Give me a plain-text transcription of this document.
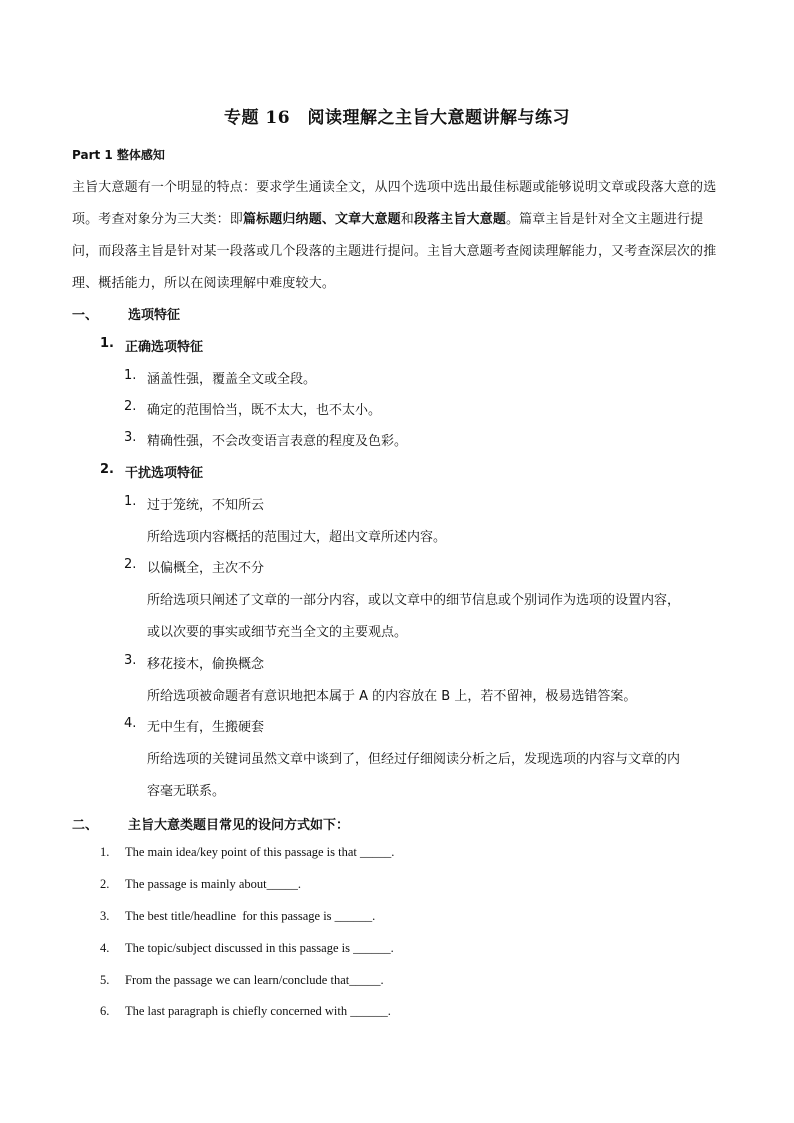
专题 16　阅读理解之主旨大意题讲解与练习
Part 1 整体感知
主旨大意题有一个明显的特点：要求学生通读全文，从四个选项中选出最佳标题或能够说明文章或段落大意的选项。考查对象分为三大类：即篇标题归纳题、文章大意题和段落主旨大意题。篇章主旨是针对全文主题进行提问，而段落主旨是针对某一段落或几个段落的主题进行提问。主旨大意题考查阅读理解能力，又考查深层次的推理、概括能力，所以在阅读理解中难度较大。
一、 选项特征
1. 正确选项特征
1. 涵盖性强，覆盖全文或全段。
2. 确定的范围恰当，既不太大，也不太小。
3. 精确性强，不会改变语言表意的程度及色彩。
2. 干扰选项特征
1. 过于笼统，不知所云
所给选项内容概括的范围过大，超出文章所述内容。
2. 以偏概全，主次不分
所给选项只阐述了文章的一部分内容，或以文章中的细节信息或个别词作为选项的设置内容，
或以次要的事实或细节充当全文的主要观点。
3. 移花接木，偷换概念
所给选项被命题者有意识地把本属于 A 的内容放在 B 上，若不留神，极易选错答案。
4. 无中生有，生搬硬套
所给选项的关键词虽然文章中谈到了，但经过仔细阅读分析之后，发现选项的内容与文章的内
容毫无联系。
二、 主旨大意类题目常见的设问方式如下：
1. The main idea/key point of this passage is that _____.
2. The passage is mainly about_____.
3. The best title/headline  for this passage is ______.
4. The topic/subject discussed in this passage is ______.
5. From the passage we can learn/conclude that_____.
6. The last paragraph is chiefly concerned with ______.
